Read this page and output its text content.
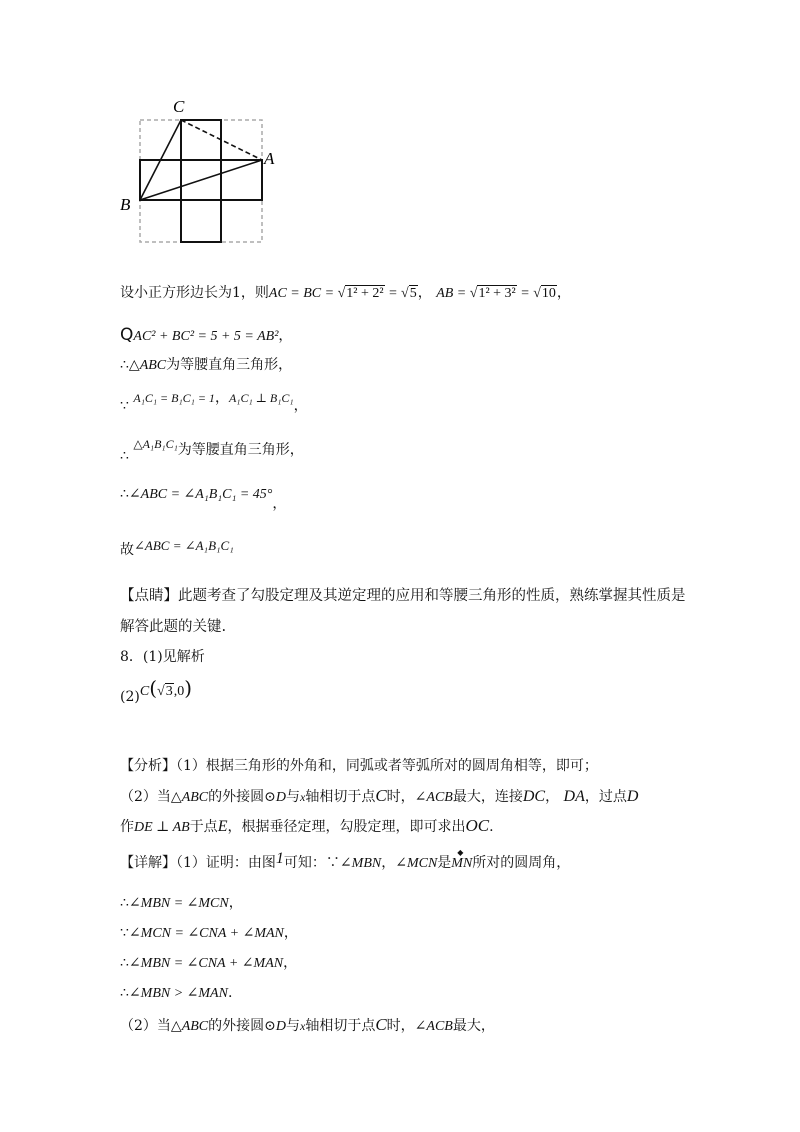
C
A
B
设小正方形边长为1，则AC = BC = √1² + 2² = √5， AB = √1² + 3² = √10，
QAC² + BC² = 5 + 5 = AB²，
∴△ABC为等腰直角三角形，
∵ A₁C₁ = B₁C₁ = 1，A₁C₁ ⊥ B₁C₁，
∴ △A₁B₁C₁为等腰直角三角形，
∴∠ABC = ∠A₁B₁C₁ = 45°，
故∠ABC = ∠A₁B₁C₁
【点睛】此题考查了勾股定理及其逆定理的应用和等腰三角形的性质，熟练掌握其性质是
解答此题的关键.
8．(1)见解析
(2)C(√3,0)
【分析】（1）根据三角形的外角和，同弧或者等弧所对的圆周角相等，即可；
（2）当△ABC的外接圆⊙D与x轴相切于点C时，∠ACB最大，连接DC， DA，过点D
作DE ⊥ AB于点E，根据垂径定理，勾股定理，即可求出OC.
【详解】（1）证明：由图1可知：∵∠MBN，∠MCN是◆ MN所对的圆周角，
∴∠MBN = ∠MCN，
∵∠MCN = ∠CNA + ∠MAN，
∴∠MBN = ∠CNA + ∠MAN，
∴∠MBN > ∠MAN.
（2）当△ABC的外接圆⊙D与x轴相切于点C时，∠ACB最大，
